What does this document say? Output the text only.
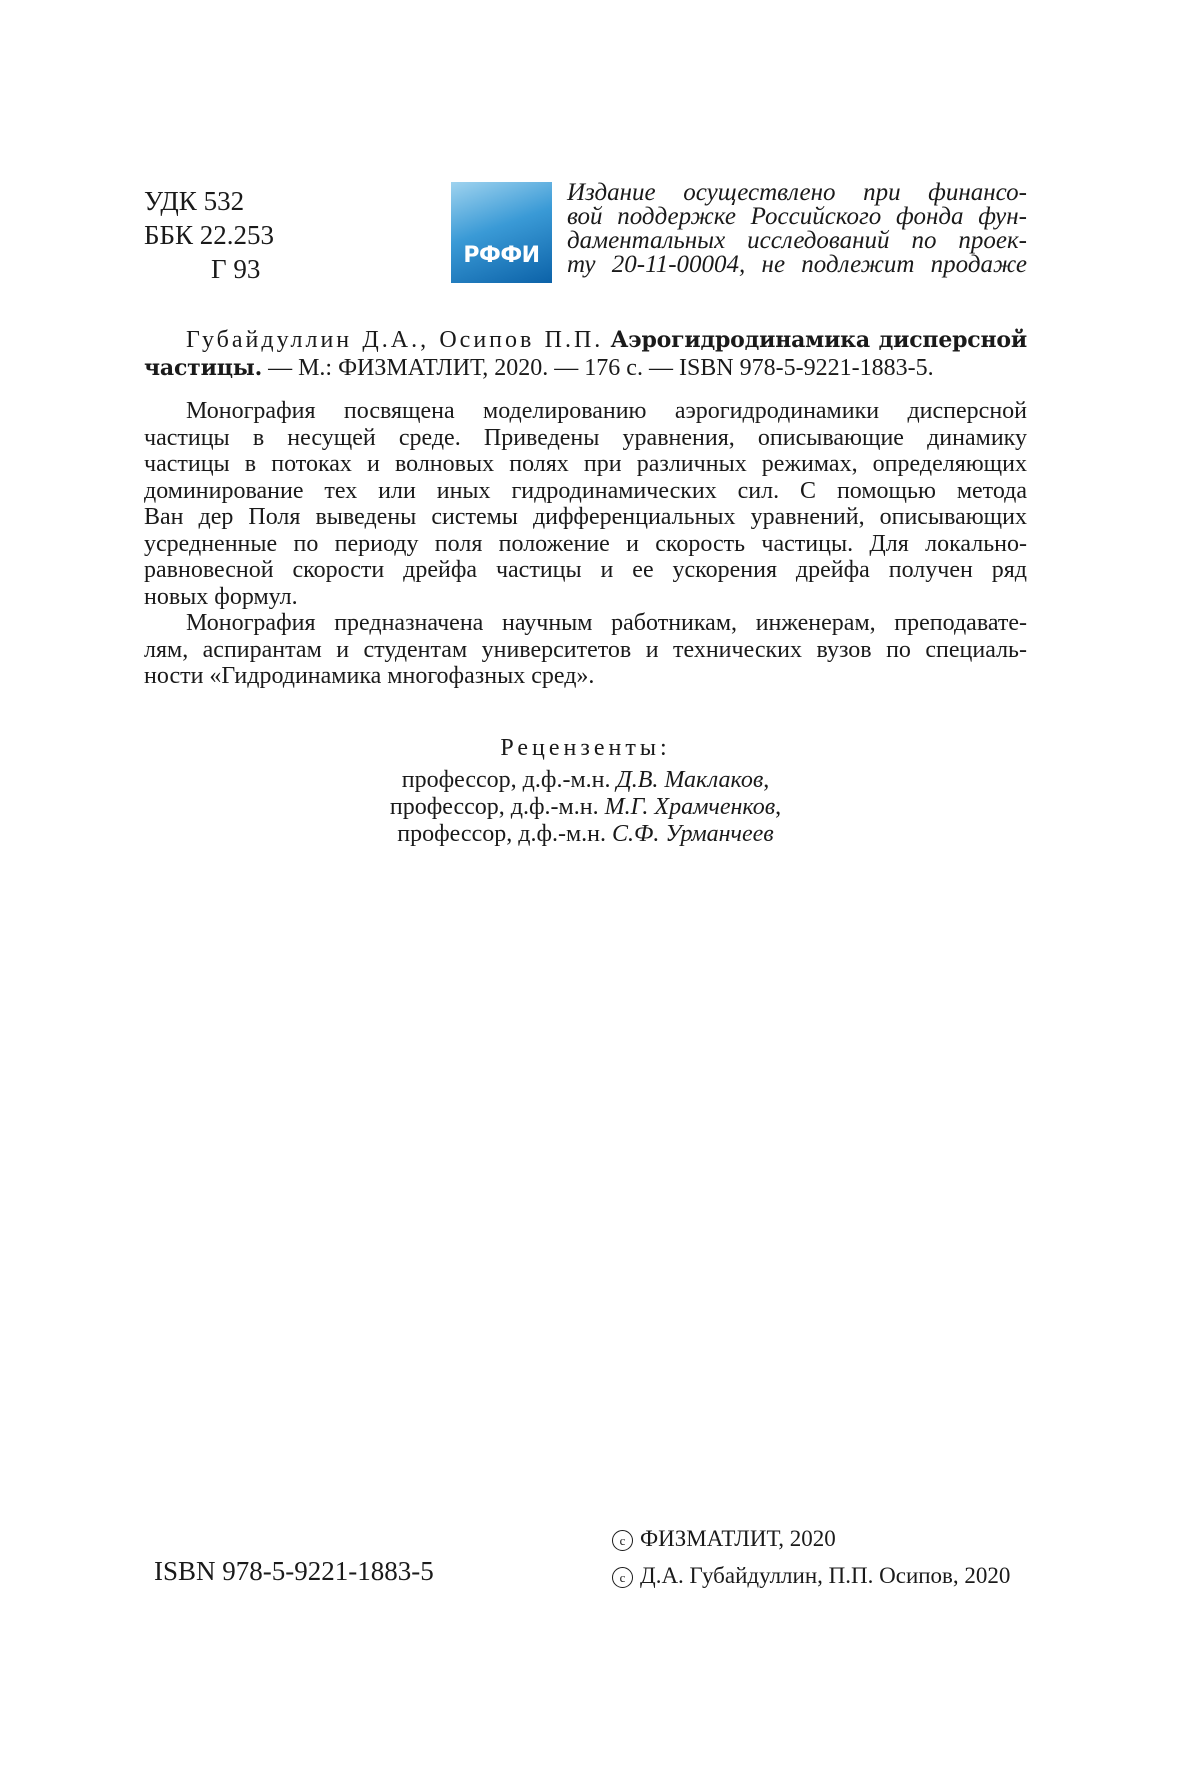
УДК 532
ББК 22.253
Г 93	РФФИ
Издание осуществлено при финансо-
вой поддержке Российского фонда фун-
даментальных исследований по проек-
ту 20-11-00004, не подлежит продаже
Губайдуллин Д.А., Осипов П.П. Аэрогидродинамика дисперсной
частицы. — М.: ФИЗМАТЛИТ, 2020. — 176 с. — ISBN 978-5-9221-1883-5.
Монография посвящена моделированию аэрогидродинамики дисперсной
частицы в несущей среде. Приведены уравнения, описывающие динамику
частицы в потоках и волновых полях при различных режимах, определяющих
доминирование тех или иных гидродинамических сил. С помощью метода
Ван дер Поля выведены системы дифференциальных уравнений, описывающих
усредненные по периоду поля положение и скорость частицы. Для локально-
равновесной скорости дрейфа частицы и ее ускорения дрейфа получен ряд
новых формул.
Монография предназначена научным работникам, инженерам, преподавате-
лям, аспирантам и студентам университетов и технических вузов по специаль-
ности «Гидродинамика многофазных сред».
Рецензенты:
профессор, д.ф.-м.н. Д.В. Маклаков,
профессор, д.ф.-м.н. М.Г. Храмченков,
профессор, д.ф.-м.н. С.Ф. Урманчеев
ISBN 978-5-9221-1883-5
c ФИЗМАТЛИТ, 2020
c Д.А. Губайдуллин, П.П. Осипов, 2020
